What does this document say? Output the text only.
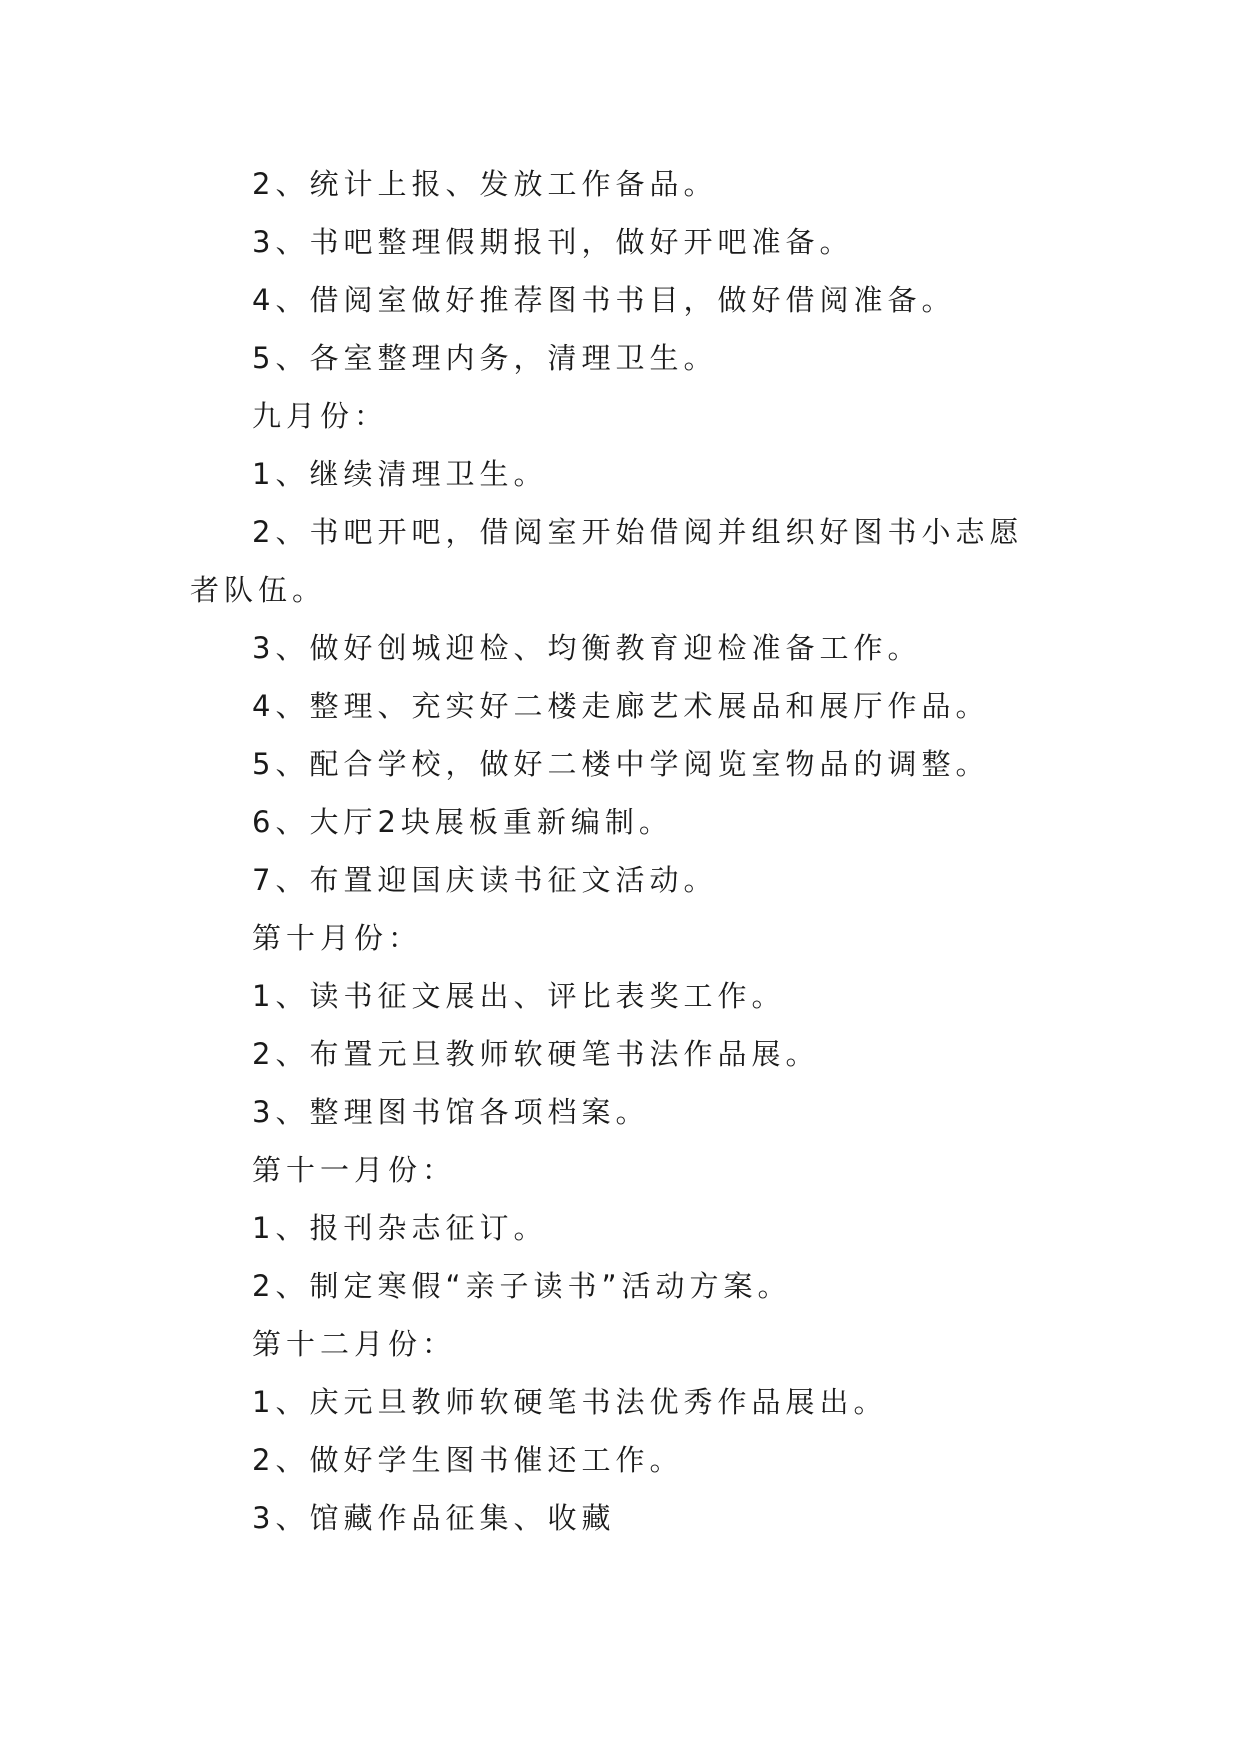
2、统计上报、发放工作备品。

3、书吧整理假期报刊，做好开吧准备。

4、借阅室做好推荐图书书目，做好借阅准备。

5、各室整理内务，清理卫生。

九月份：

1、继续清理卫生。

2、书吧开吧，借阅室开始借阅并组织好图书小志愿者队伍。

3、做好创城迎检、均衡教育迎检准备工作。

4、整理、充实好二楼走廊艺术展品和展厅作品。

5、配合学校，做好二楼中学阅览室物品的调整。

6、大厅2块展板重新编制。

7、布置迎国庆读书征文活动。

第十月份：

1、读书征文展出、评比表奖工作。

2、布置元旦教师软硬笔书法作品展。

3、整理图书馆各项档案。

第十一月份：

1、报刊杂志征订。

2、制定寒假“亲子读书”活动方案。

第十二月份：

1、庆元旦教师软硬笔书法优秀作品展出。

2、做好学生图书催还工作。

3、馆藏作品征集、收藏
